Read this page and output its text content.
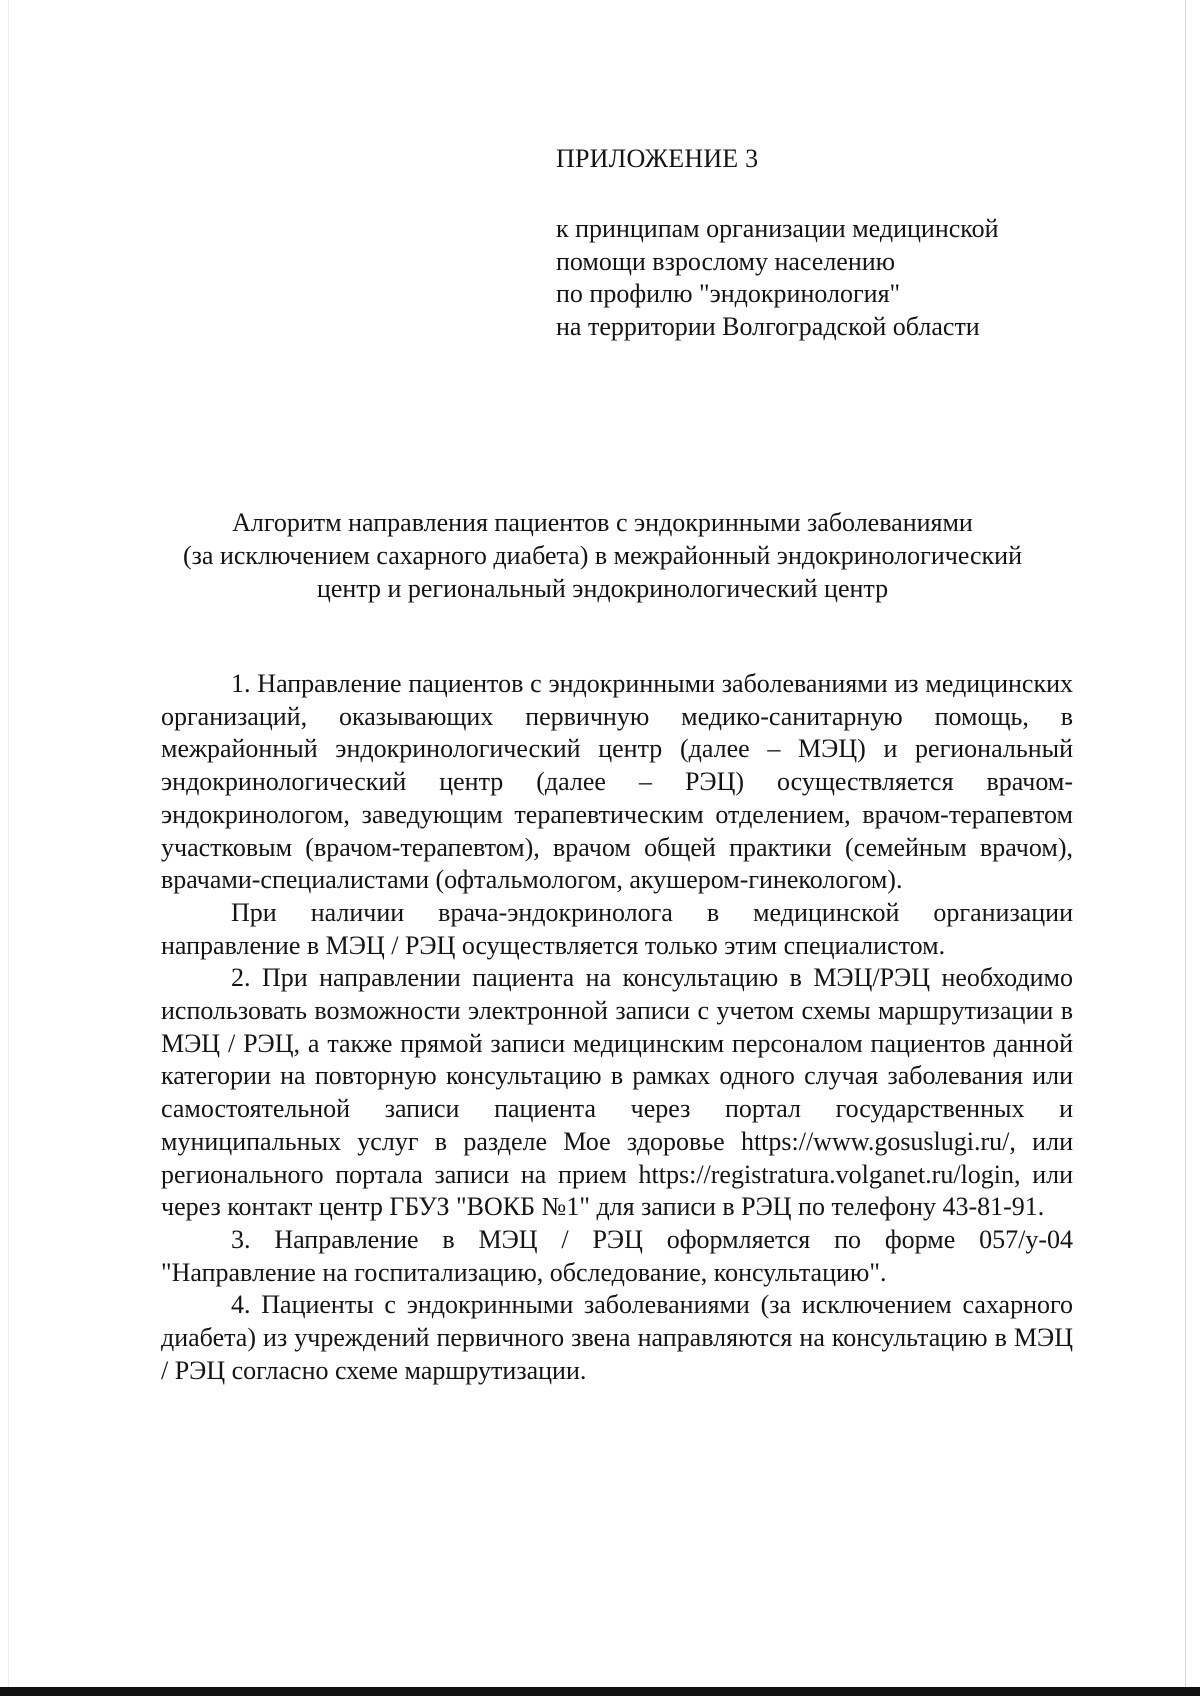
ПРИЛОЖЕНИЕ 3
к принципам организации медицинской
помощи взрослому населению
по профилю "эндокринология"
на территории Волгоградской области
Алгоритм направления пациентов с эндокринными заболеваниями
(за исключением сахарного диабета) в межрайонный эндокринологический
центр и региональный эндокринологический центр

1. Направление пациентов с эндокринными заболеваниями из медицинских организаций, оказывающих первичную медико-санитарную помощь, в межрайонный эндокринологический центр (далее – МЭЦ) и региональный эндокринологический центр (далее – РЭЦ) осуществляется врачом-эндокринологом, заведующим терапевтическим отделением, врачом-терапевтом участковым (врачом-терапевтом), врачом общей практики (семейным врачом), врачами-специалистами (офтальмологом, акушером-гинекологом).

При наличии врача-эндокринолога в медицинской организации направление в МЭЦ / РЭЦ осуществляется только этим специалистом.

2. При направлении пациента на консультацию в МЭЦ/РЭЦ необходимо использовать возможности электронной записи с учетом схемы маршрутизации в МЭЦ / РЭЦ, а также прямой записи медицинским персоналом пациентов данной категории на повторную консультацию в рамках одного случая заболевания или самостоятельной записи пациента через портал государственных и муниципальных услуг в разделе Мое здоровье https://www.gosuslugi.ru/, или регионального портала записи на прием https://registratura.volganet.ru/login, или через контакт центр ГБУЗ "ВОКБ №1" для записи в РЭЦ по телефону 43-81-91.

3. Направление в МЭЦ / РЭЦ оформляется по форме 057/у-04 "Направление на госпитализацию, обследование, консультацию".

4. Пациенты с эндокринными заболеваниями (за исключением сахарного диабета) из учреждений первичного звена направляются на консультацию в МЭЦ / РЭЦ согласно схеме маршрутизации.
